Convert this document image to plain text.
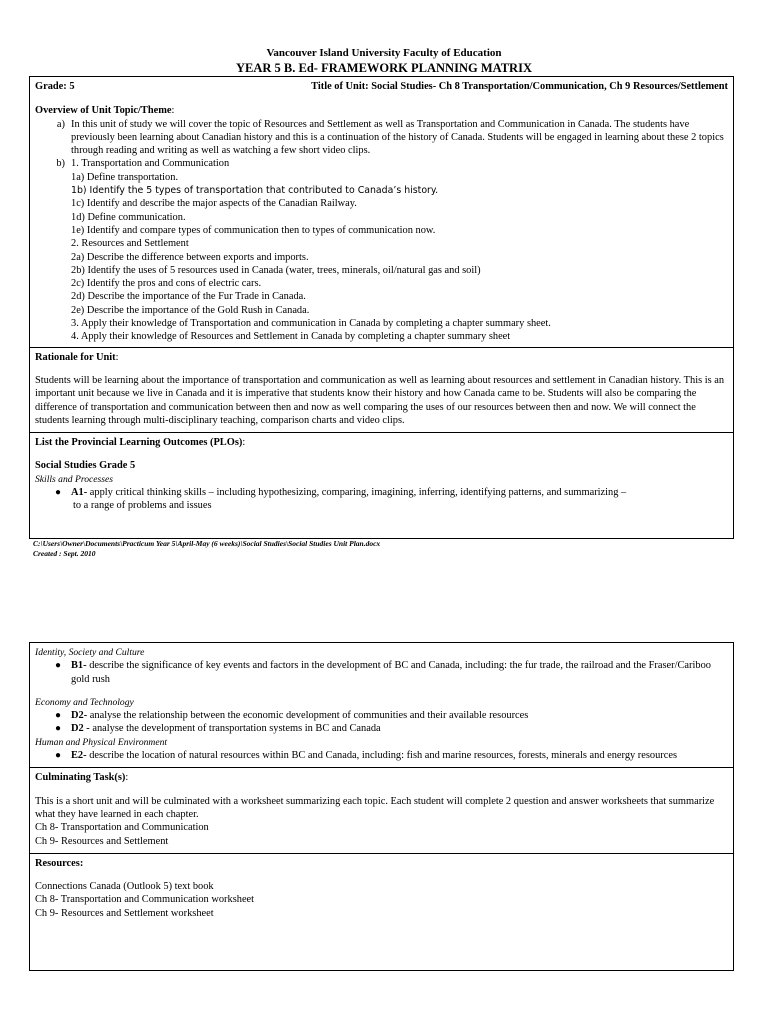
Vancouver Island University Faculty of Education
YEAR 5 B. Ed- FRAMEWORK PLANNING MATRIX
Grade: 5	Title of Unit: Social Studies- Ch 8 Transportation/Communication, Ch 9 Resources/Settlement
Overview of Unit Topic/Theme:
a) In this unit of study we will cover the topic of Resources and Settlement as well as Transportation and Communication in Canada. The students have previously been learning about Canadian history and this is a continuation of the history of Canada. Students will be engaged in learning about these 2 topics through reading and writing as well as watching a few short video clips.
b) 1. Transportation and Communication
1a) Define transportation.
1b) Identify the 5 types of transportation that contributed to Canada’s history.
1c) Identify and describe the major aspects of the Canadian Railway.
1d) Define communication.
1e) Identify and compare types of communication then to types of communication now.
2. Resources and Settlement
2a) Describe the difference between exports and imports.
2b) Identify the uses of 5 resources used in Canada (water, trees, minerals, oil/natural gas and soil)
2c) Identify the pros and cons of electric cars.
2d) Describe the importance of the Fur Trade in Canada.
2e) Describe the importance of the Gold Rush in Canada.
3. Apply their knowledge of Transportation and communication in Canada by completing a chapter summary sheet.
4. Apply their knowledge of Resources and Settlement in Canada by completing a chapter summary sheet
Rationale for Unit:
Students will be learning about the importance of transportation and communication as well as learning about resources and settlement in Canadian history. This is an important unit because we live in Canada and it is imperative that students know their history and how Canada came to be. Students will also be comparing the difference of transportation and communication between then and now as well comparing the uses of our resources between then and now. We will connect the students learning through multi-disciplinary teaching, comparison charts and video clips.
List the Provincial Learning Outcomes (PLOs):
Social Studies Grade 5
Skills and Processes
● A1- apply critical thinking skills – including hypothesizing, comparing, imagining, inferring, identifying patterns, and summarizing –
to a range of problems and issues
C:\Users\Owner\Documents\Practicum Year 5\April-May (6 weeks)\Social Studies\Social Studies Unit Plan.docx
Created : Sept. 2010
Identity, Society and Culture
● B1- describe the significance of key events and factors in the development of BC and Canada, including: the fur trade, the railroad and the Fraser/Cariboo gold rush
Economy and Technology
● D2- analyse the relationship between the economic development of communities and their available resources
● D2 - analyse the development of transportation systems in BC and Canada
Human and Physical Environment
● E2- describe the location of natural resources within BC and Canada, including: fish and marine resources, forests, minerals and energy resources
Culminating Task(s):
This is a short unit and will be culminated with a worksheet summarizing each topic. Each student will complete 2 question and answer worksheets that summarize what they have learned in each chapter.
Ch 8- Transportation and Communication
Ch 9- Resources and Settlement
Resources:
Connections Canada (Outlook 5) text book
Ch 8- Transportation and Communication worksheet
Ch 9- Resources and Settlement worksheet
